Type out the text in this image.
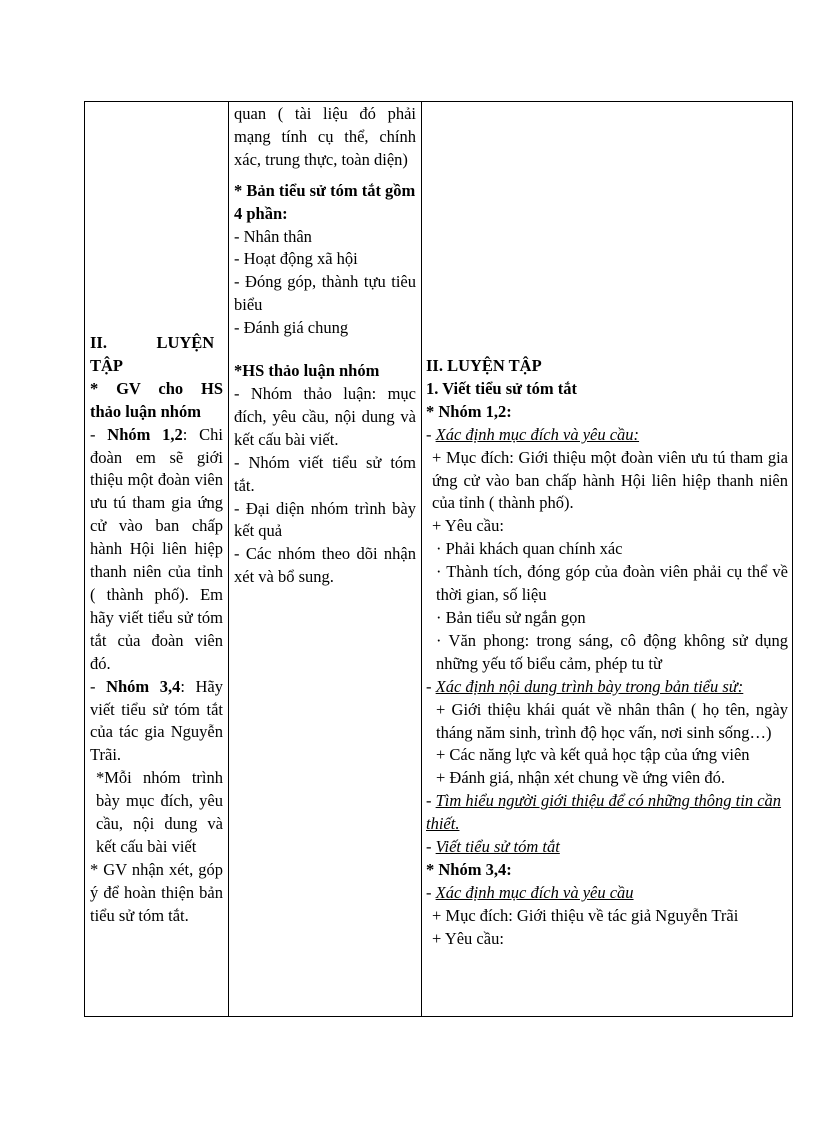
II.            LUYỆN

TẬP

* GV cho HS

thảo luận nhóm

- Nhóm 1,2: Chi đoàn em sẽ giới thiệu một đoàn viên ưu tú tham gia ứng cử vào ban chấp hành Hội liên hiệp thanh niên của tỉnh ( thành phố). Em hãy viết tiểu sử tóm tắt của đoàn viên đó.

- Nhóm 3,4: Hãy viết tiểu sử tóm tắt của tác gia Nguyễn Trãi.

*Mỗi nhóm trình bày mục đích, yêu cầu, nội dung và kết cấu bài viết

* GV nhận xét, góp ý để hoàn thiện bản tiểu sử tóm tắt.

quan ( tài liệu đó phải mạng tính cụ thể, chính xác, trung thực, toàn diện)

* Bản tiểu sử tóm tắt gồm 4 phần:

- Nhân thân

- Hoạt động xã hội

- Đóng góp, thành tựu tiêu biểu

- Đánh giá chung

*HS thảo luận nhóm

- Nhóm thảo luận: mục đích, yêu cầu, nội dung và kết cấu bài viết.

- Nhóm viết tiểu sử tóm tắt.

- Đại diện nhóm trình bày kết quả

- Các nhóm theo dõi nhận xét và bổ sung.

II. LUYỆN TẬP

1. Viết tiểu sử tóm tắt

* Nhóm 1,2:

- Xác định mục đích và yêu cầu:

+ Mục đích: Giới thiệu một đoàn viên ưu tú tham gia ứng cử vào ban chấp hành Hội liên hiệp thanh niên của tỉnh ( thành phố).

+ Yêu cầu:

· Phải khách quan chính xác

· Thành tích, đóng góp của đoàn viên phải cụ thể về thời gian, số liệu

· Bản tiểu sử ngắn gọn

· Văn phong: trong sáng, cô động không sử dụng những yếu tố biểu cảm, phép tu từ

- Xác định nội dung trình bày trong bản tiểu sử:

+ Giới thiệu khái quát về nhân thân ( họ tên, ngày tháng năm sinh, trình độ học vấn, nơi sinh sống…)

+ Các năng lực và kết quả học tập của ứng viên

+ Đánh giá, nhận xét chung về ứng viên đó.

- Tìm hiểu người giới thiệu để có những thông tin cần thiết.

- Viết tiểu sử tóm tắt

* Nhóm 3,4:

- Xác định mục đích và yêu cầu

+ Mục đích: Giới thiệu về tác giả Nguyễn Trãi

+ Yêu cầu:
